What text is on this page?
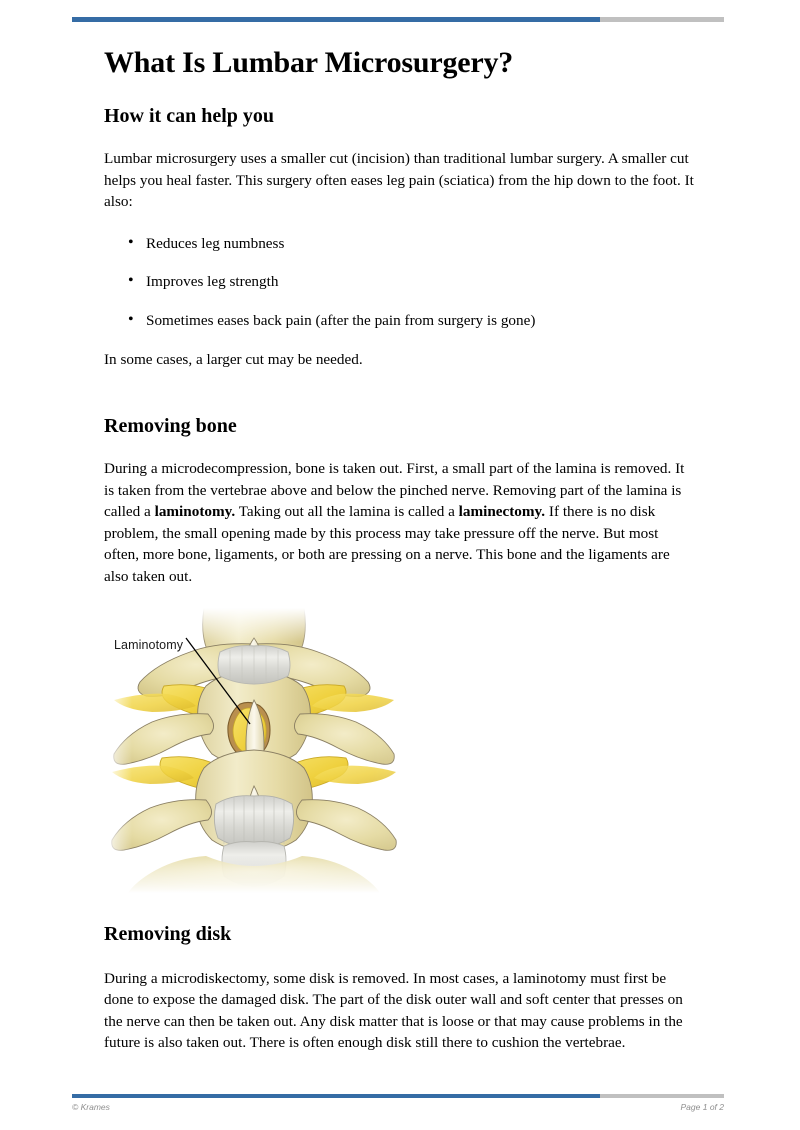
What Is Lumbar Microsurgery?
How it can help you

Lumbar microsurgery uses a smaller cut (incision) than traditional lumbar surgery. A smaller cut helps you heal faster. This surgery often eases leg pain (sciatica) from the hip down to the foot. It also:

• Reduces leg numbness
• Improves leg strength
• Sometimes eases back pain (after the pain from surgery is gone)

In some cases, a larger cut may be needed.

Removing bone

During a microdecompression, bone is taken out. First, a small part of the lamina is removed. It is taken from the vertebrae above and below the pinched nerve. Removing part of the lamina is called a laminotomy. Taking out all the lamina is called a laminectomy. If there is no disk problem, the small opening made by this process may take pressure off the nerve. But most often, more bone, ligaments, or both are pressing on a nerve. This bone and the ligaments are also taken out.

Laminotomy
Removing disk

During a microdiskectomy, some disk is removed. In most cases, a laminotomy must first be done to expose the damaged disk. The part of the disk outer wall and soft center that presses on the nerve can then be taken out. Any disk matter that is loose or that may cause problems in the future is also taken out. There is often enough disk still there to cushion the vertebrae.

© Krames	Page 1 of 2
